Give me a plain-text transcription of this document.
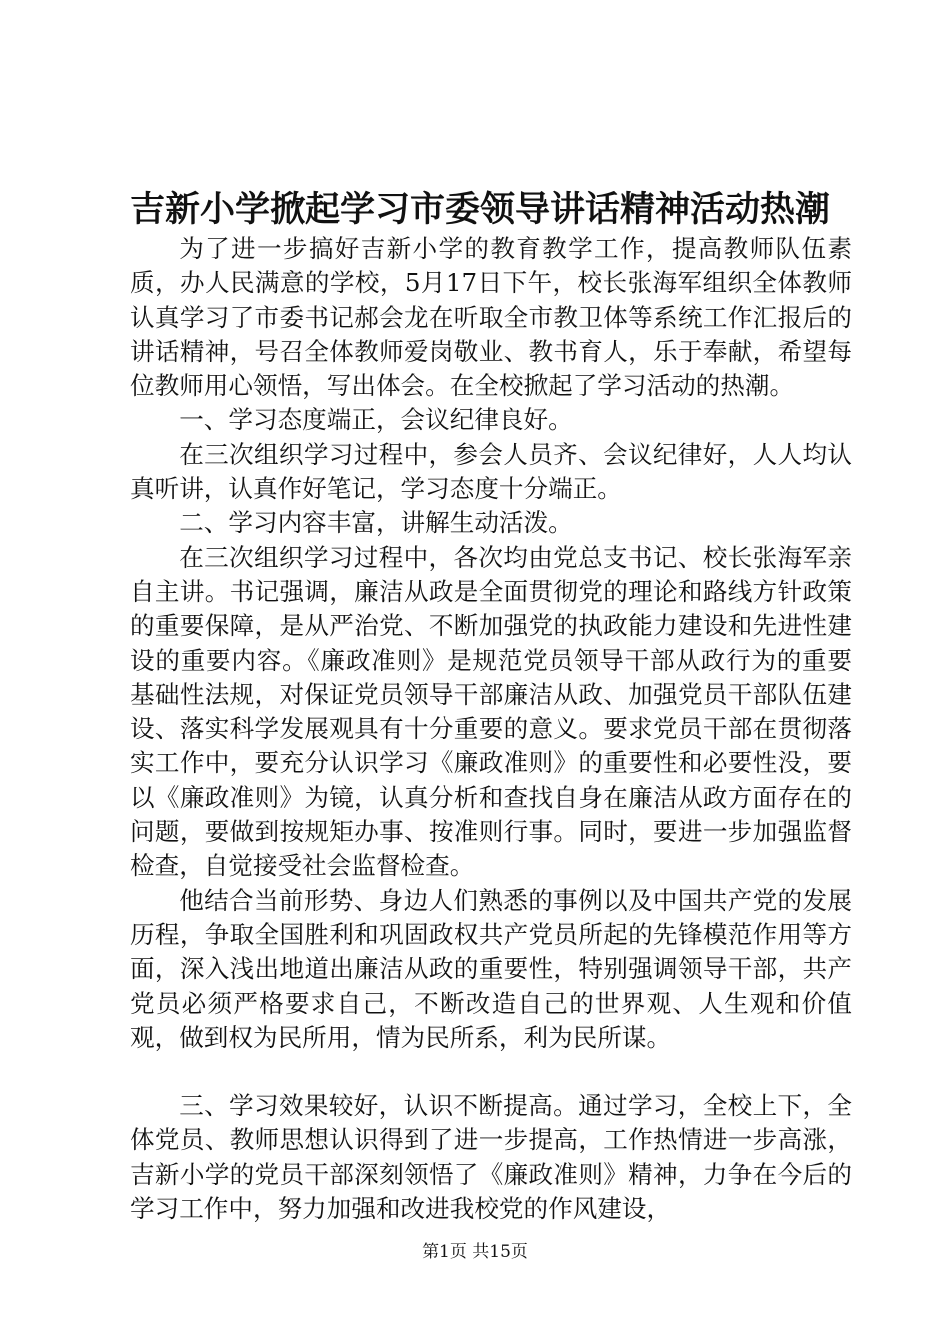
吉新小学掀起学习市委领导讲话精神活动热潮

为了进一步搞好吉新小学的教育教学工作，提高教师队伍素质，办人民满意的学校，5月17日下午，校长张海军组织全体教师认真学习了市委书记郝会龙在听取全市教卫体等系统工作汇报后的讲话精神，号召全体教师爱岗敬业、教书育人，乐于奉献，希望每位教师用心领悟，写出体会。在全校掀起了学习活动的热潮。

一、学习态度端正，会议纪律良好。

在三次组织学习过程中，参会人员齐、会议纪律好，人人均认真听讲，认真作好笔记，学习态度十分端正。

二、学习内容丰富，讲解生动活泼。

在三次组织学习过程中，各次均由党总支书记、校长张海军亲自主讲。书记强调，廉洁从政是全面贯彻党的理论和路线方针政策的重要保障，是从严治党、不断加强党的执政能力建设和先进性建设的重要内容。《廉政准则》是规范党员领导干部从政行为的重要基础性法规，对保证党员领导干部廉洁从政、加强党员干部队伍建设、落实科学发展观具有十分重要的意义。要求党员干部在贯彻落实工作中，要充分认识学习《廉政准则》的重要性和必要性没，要以《廉政准则》为镜，认真分析和查找自身在廉洁从政方面存在的问题，要做到按规矩办事、按准则行事。同时，要进一步加强监督检查，自觉接受社会监督检查。

他结合当前形势、身边人们熟悉的事例以及中国共产党的发展历程，争取全国胜利和巩固政权共产党员所起的先锋模范作用等方面，深入浅出地道出廉洁从政的重要性，特别强调领导干部，共产党员必须严格要求自己，不断改造自己的世界观、人生观和价值观，做到权为民所用，情为民所系，利为民所谋。

三、学习效果较好，认识不断提高。通过学习，全校上下，全体党员、教师思想认识得到了进一步提高，工作热情进一步高涨，吉新小学的党员干部深刻领悟了《廉政准则》精神，力争在今后的学习工作中，努力加强和改进我校党的作风建设，

第1页 共15页
